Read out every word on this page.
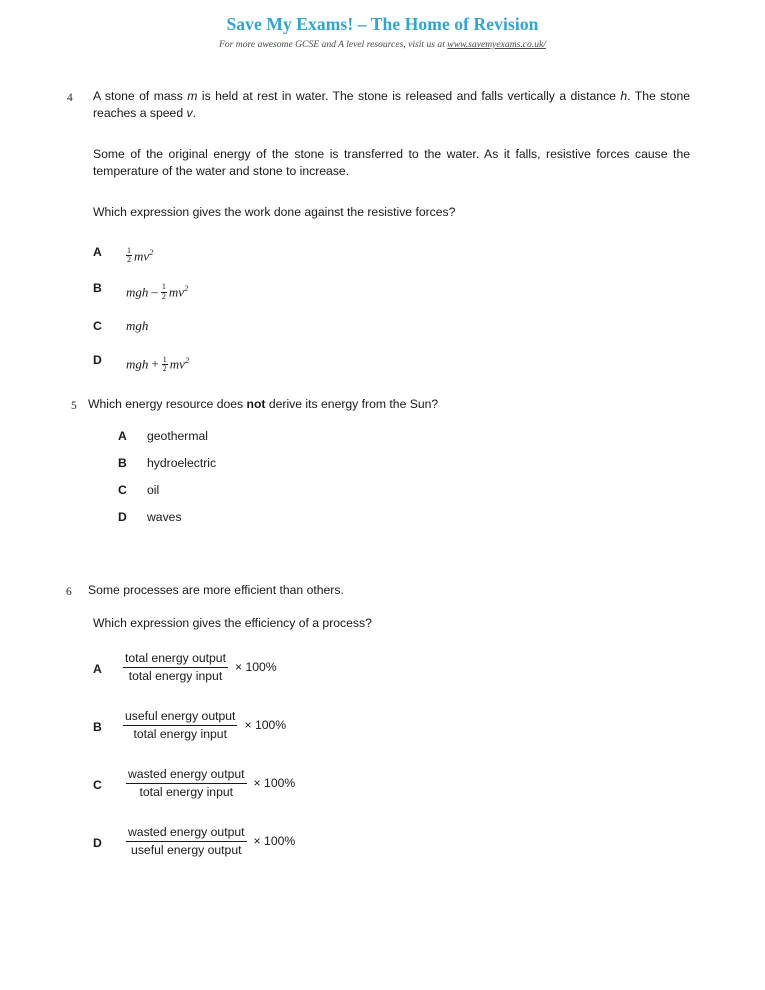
Save My Exams! – The Home of Revision
For more awesome GCSE and A level resources, visit us at www.savemyexams.co.uk/
4 A stone of mass m is held at rest in water. The stone is released and falls vertically a distance h. The stone reaches a speed v.

Some of the original energy of the stone is transferred to the water. As it falls, resistive forces cause the temperature of the water and stone to increase.

Which expression gives the work done against the resistive forces?

A	$\frac{1}{2} mv^2$
B mgh – $\frac{1}{2} mv^2$
C mgh
D mgh + $\frac{1}{2} mv^2$
5 Which energy resource does not derive its energy from the Sun?

A geothermal
B hydroelectric
C oil
D waves
6 Some processes are more efficient than others.

Which expression gives the efficiency of a process?

A $\frac{\text{total energy output}}{\text{total energy input}} \times 100\%$
B $\frac{\text{useful energy output}}{\text{total energy input}} \times 100\%$
C $\frac{\text{wasted energy output}}{\text{total energy input}} \times 100\%$
D $\frac{\text{wasted energy output}}{\text{useful energy output}} \times 100\%$
